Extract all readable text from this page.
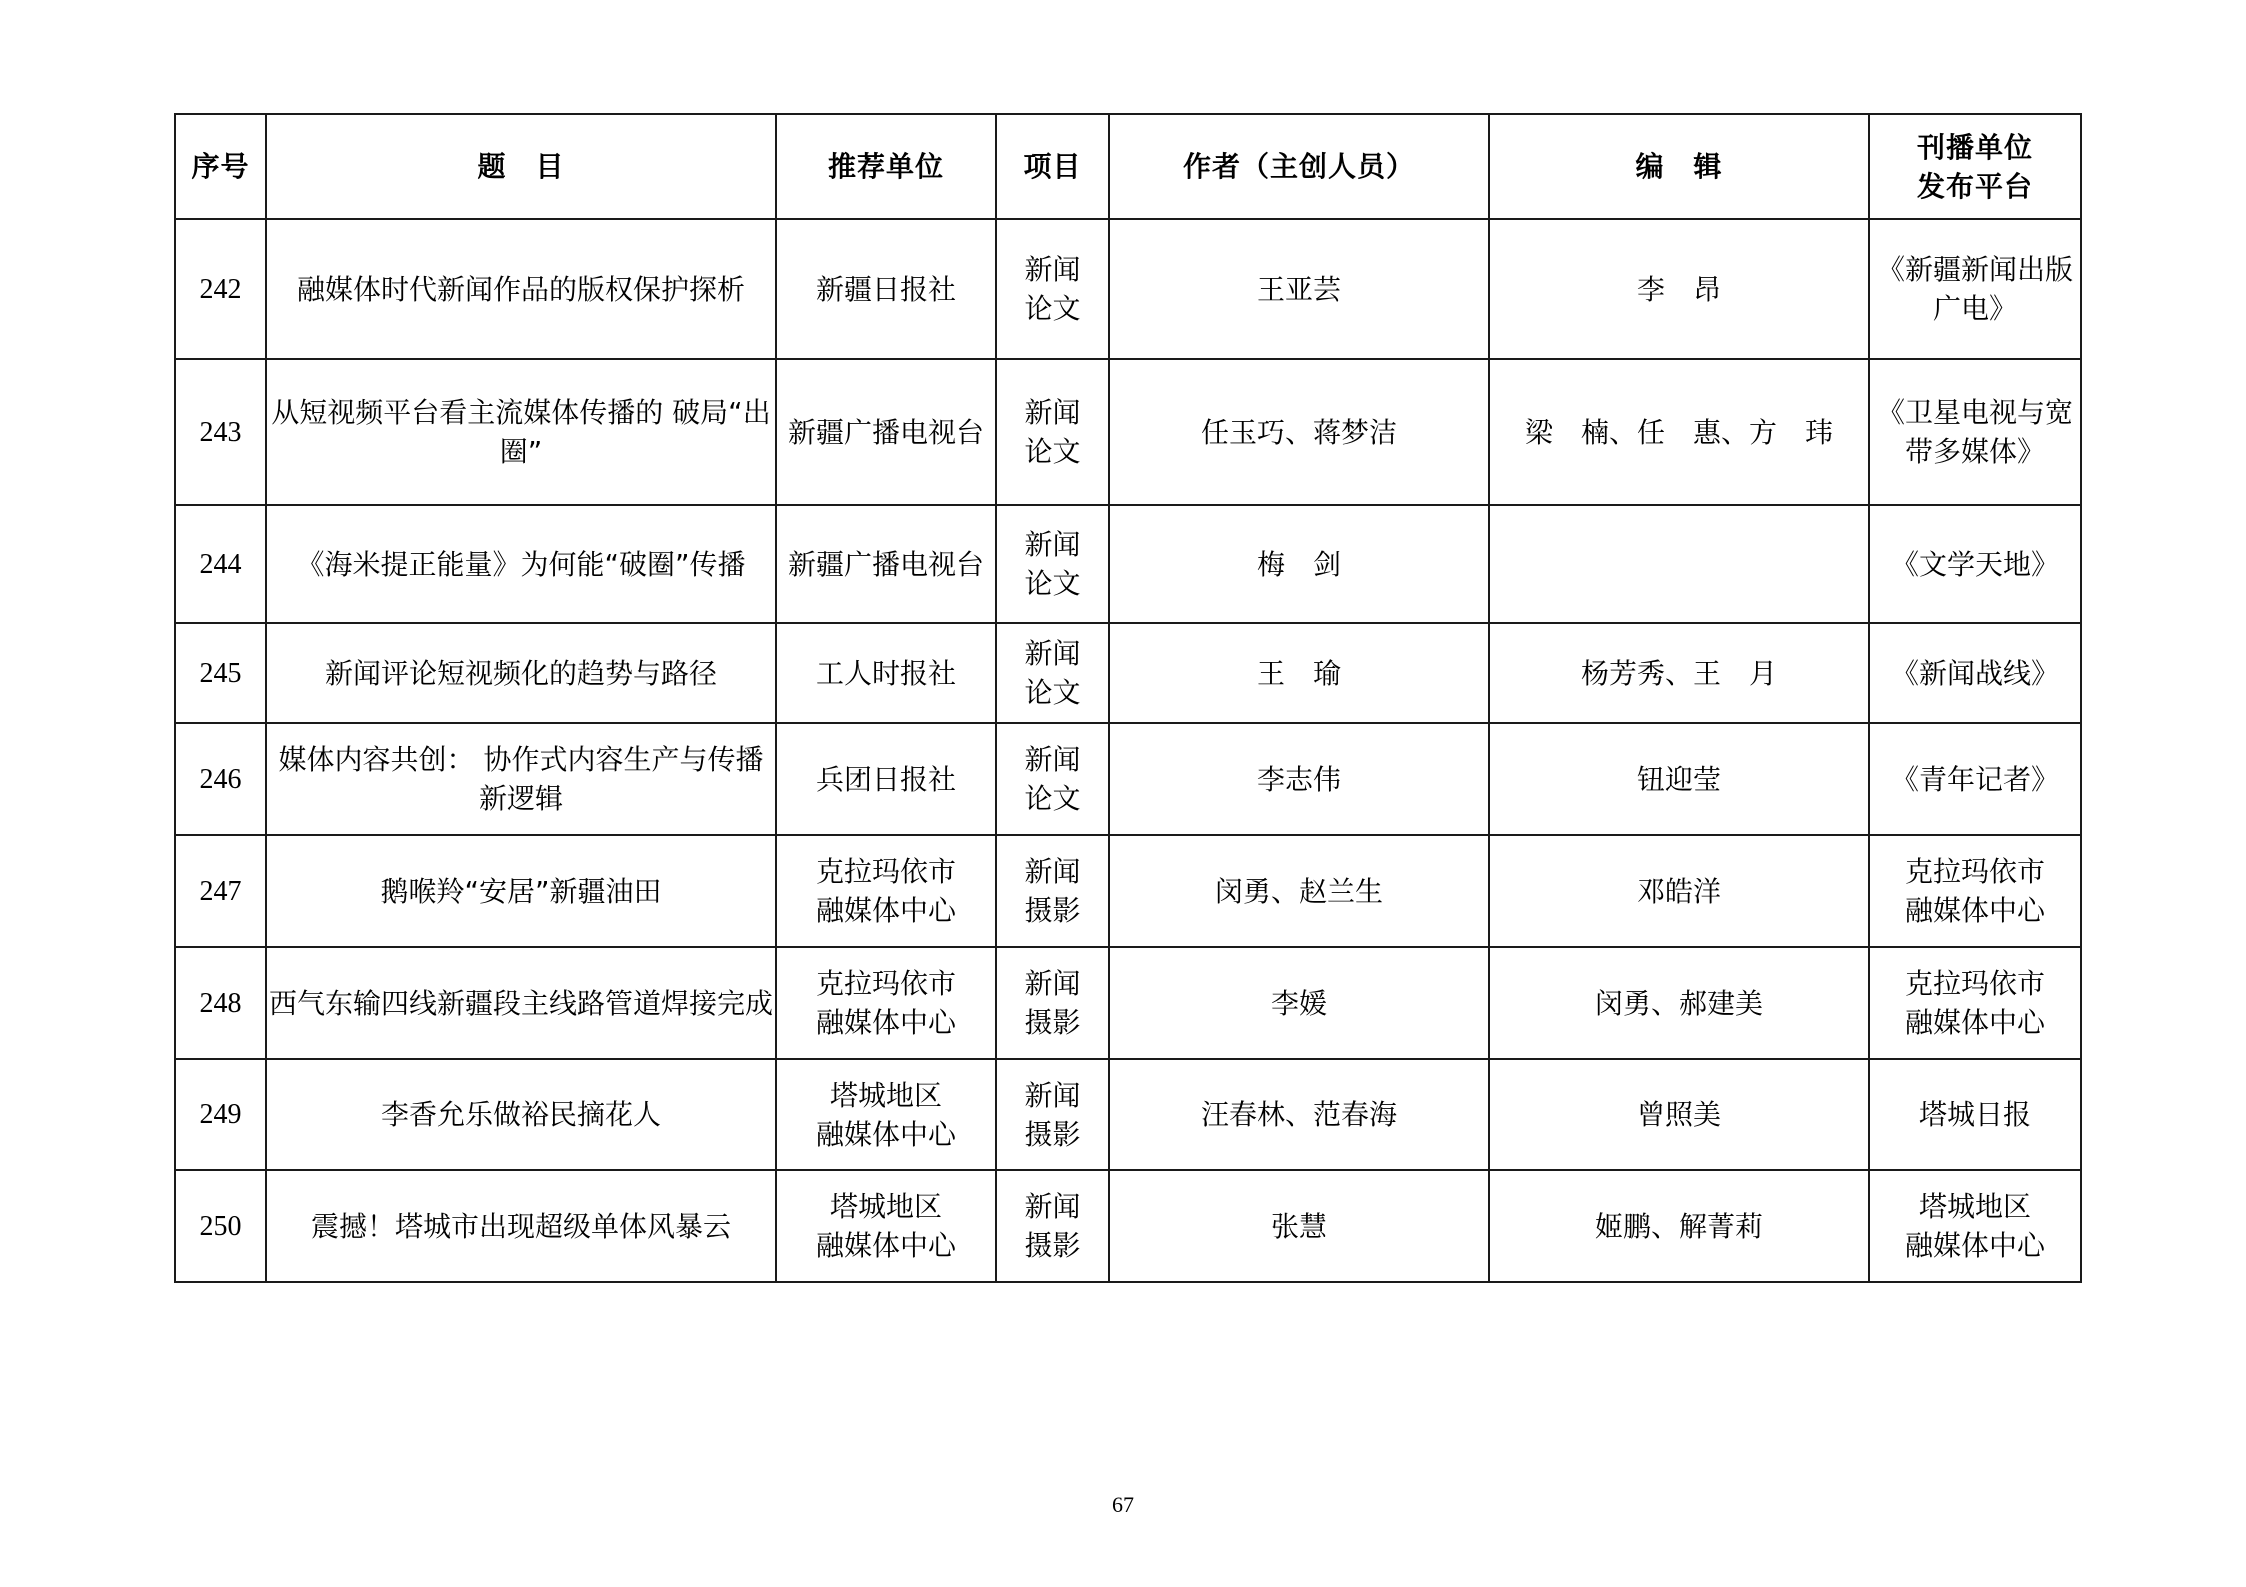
序号	题　目	推荐单位	项目	作者（主创人员）	编　辑	刊播单位
发布平台

242	融媒体时代新闻作品的版权保护探析	新疆日报社	新闻
论文	王亚芸	李　昂	《新疆新闻出版
广电》

243	从短视频平台看主流媒体传播的 破局“出圈”	新疆广播电视台	新闻
论文	任玉巧、蒋梦洁	梁　楠、任　惠、方　玮	《卫星电视与宽
带多媒体》

244	《海米提正能量》为何能“破圈”传播	新疆广播电视台	新闻
论文	梅　剑		《文学天地》

245	新闻评论短视频化的趋势与路径	工人时报社	新闻
论文	王　瑜	杨芳秀、王　月	《新闻战线》

246	媒体内容共创： 协作式内容生产与传播新逻辑	兵团日报社	新闻
论文	李志伟	钮迎莹	《青年记者》

247	鹅喉羚“安居”新疆油田	克拉玛依市
融媒体中心	新闻
摄影	闵勇、赵兰生	邓皓洋	克拉玛依市
融媒体中心

248	西气东输四线新疆段主线路管道焊接完成	克拉玛依市
融媒体中心	新闻
摄影	李媛	闵勇、郝建美	克拉玛依市
融媒体中心

249	李香允乐做裕民摘花人	塔城地区
融媒体中心	新闻
摄影	汪春林、范春海	曾照美	塔城日报

250	震撼！塔城市出现超级单体风暴云	塔城地区
融媒体中心	新闻
摄影	张慧	姬鹏、解菁莉	塔城地区
融媒体中心
67
